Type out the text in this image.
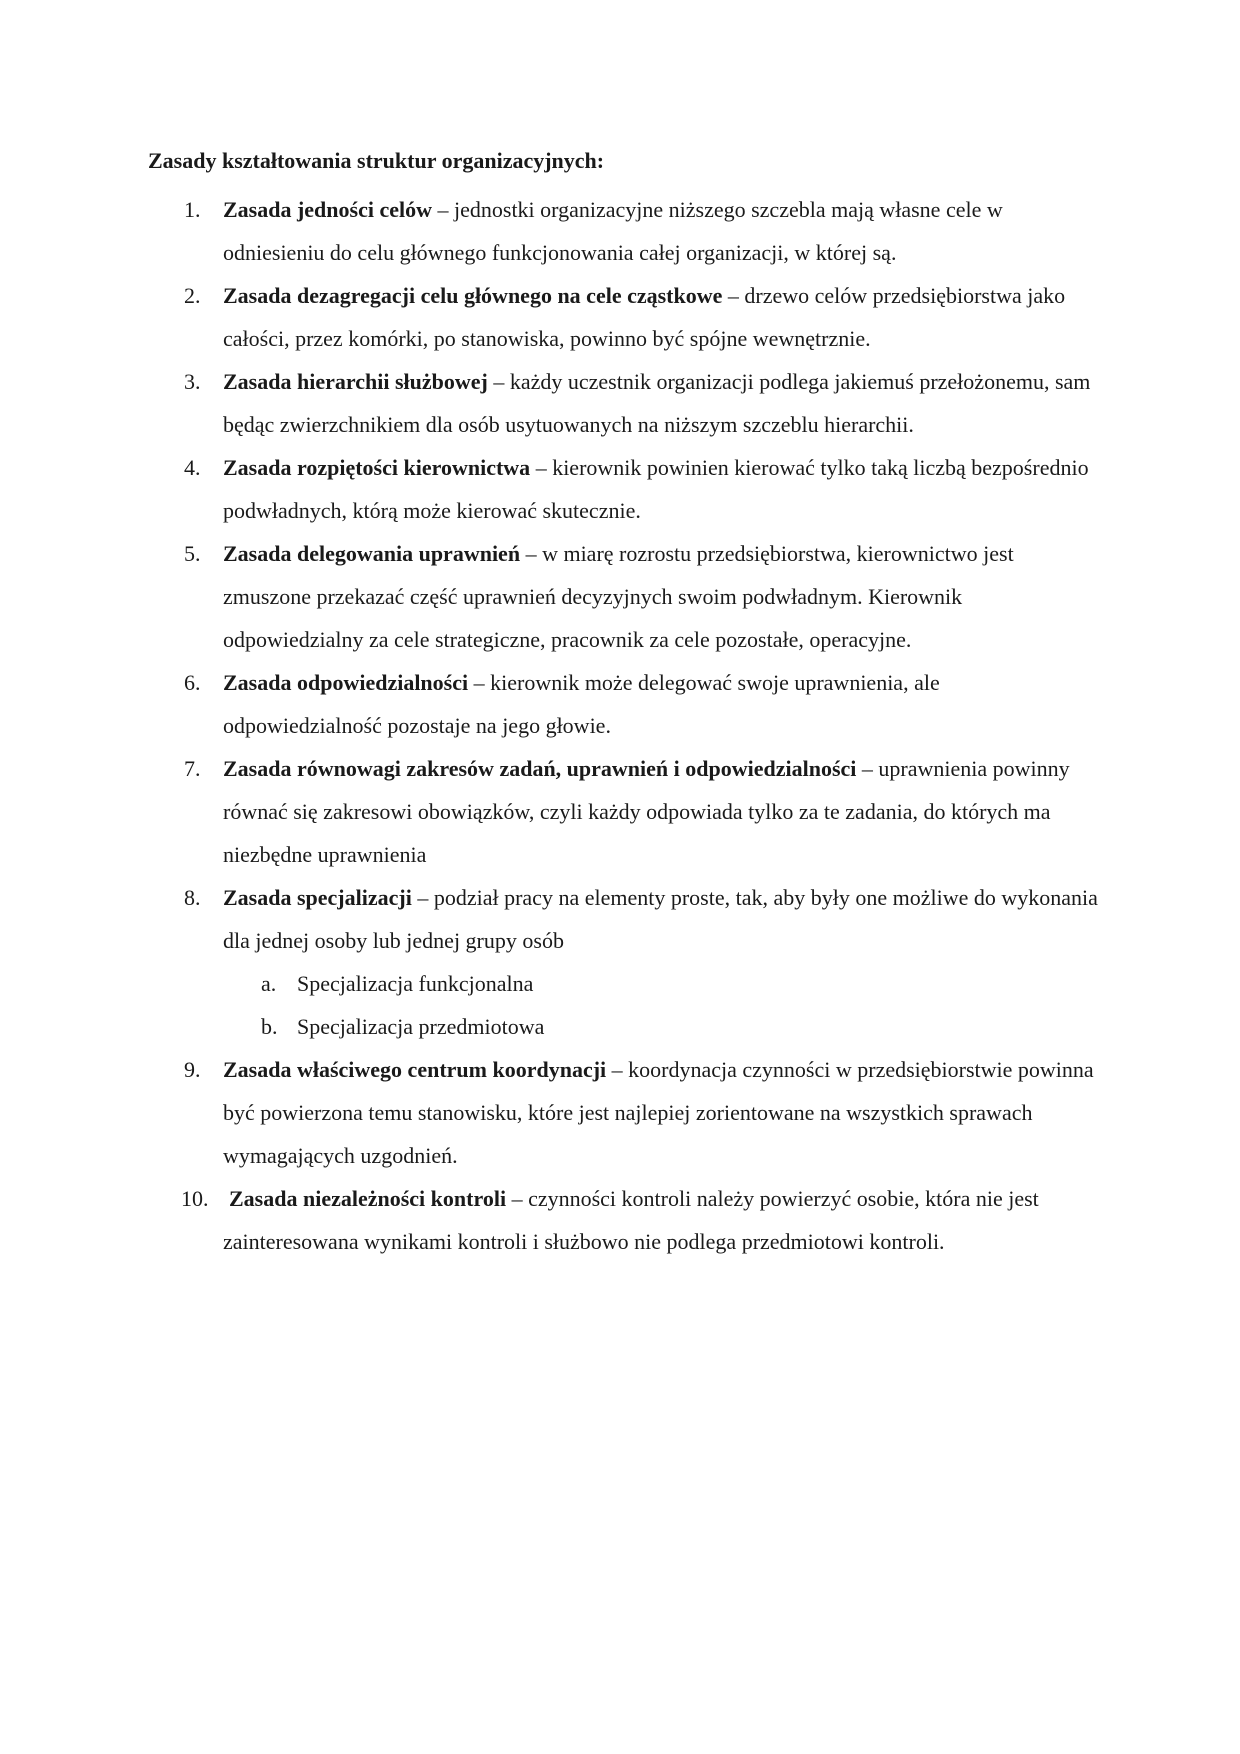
Zasady kształtowania struktur organizacyjnych:
1. Zasada jedności celów – jednostki organizacyjne niższego szczebla mają własne cele w odniesieniu do celu głównego funkcjonowania całej organizacji, w której są.
2. Zasada dezagregacji celu głównego na cele cząstkowe – drzewo celów przedsiębiorstwa jako całości, przez komórki, po stanowiska, powinno być spójne wewnętrznie.
3. Zasada hierarchii służbowej – każdy uczestnik organizacji podlega jakiemuś przełożonemu, sam będąc zwierzchnikiem dla osób usytuowanych na niższym szczeblu hierarchii.
4. Zasada rozpiętości kierownictwa – kierownik powinien kierować tylko taką liczbą bezpośrednio podwładnych, którą może kierować skutecznie.
5. Zasada delegowania uprawnień – w miarę rozrostu przedsiębiorstwa, kierownictwo jest zmuszone przekazać część uprawnień decyzyjnych swoim podwładnym. Kierownik odpowiedzialny za cele strategiczne, pracownik za cele pozostałe, operacyjne.
6. Zasada odpowiedzialności – kierownik może delegować swoje uprawnienia, ale odpowiedzialność pozostaje na jego głowie.
7. Zasada równowagi zakresów zadań, uprawnień i odpowiedzialności – uprawnienia powinny równać się zakresowi obowiązków, czyli każdy odpowiada tylko za te zadania, do których ma niezbędne uprawnienia
8. Zasada specjalizacji – podział pracy na elementy proste, tak, aby były one możliwe do wykonania dla jednej osoby lub jednej grupy osób
a. Specjalizacja funkcjonalna
b. Specjalizacja przedmiotowa
9. Zasada właściwego centrum koordynacji – koordynacja czynności w przedsiębiorstwie powinna być powierzona temu stanowisku, które jest najlepiej zorientowane na wszystkich sprawach wymagających uzgodnień.
10. Zasada niezależności kontroli – czynności kontroli należy powierzyć osobie, która nie jest zainteresowana wynikami kontroli i służbowo nie podlega przedmiotowi kontroli.
